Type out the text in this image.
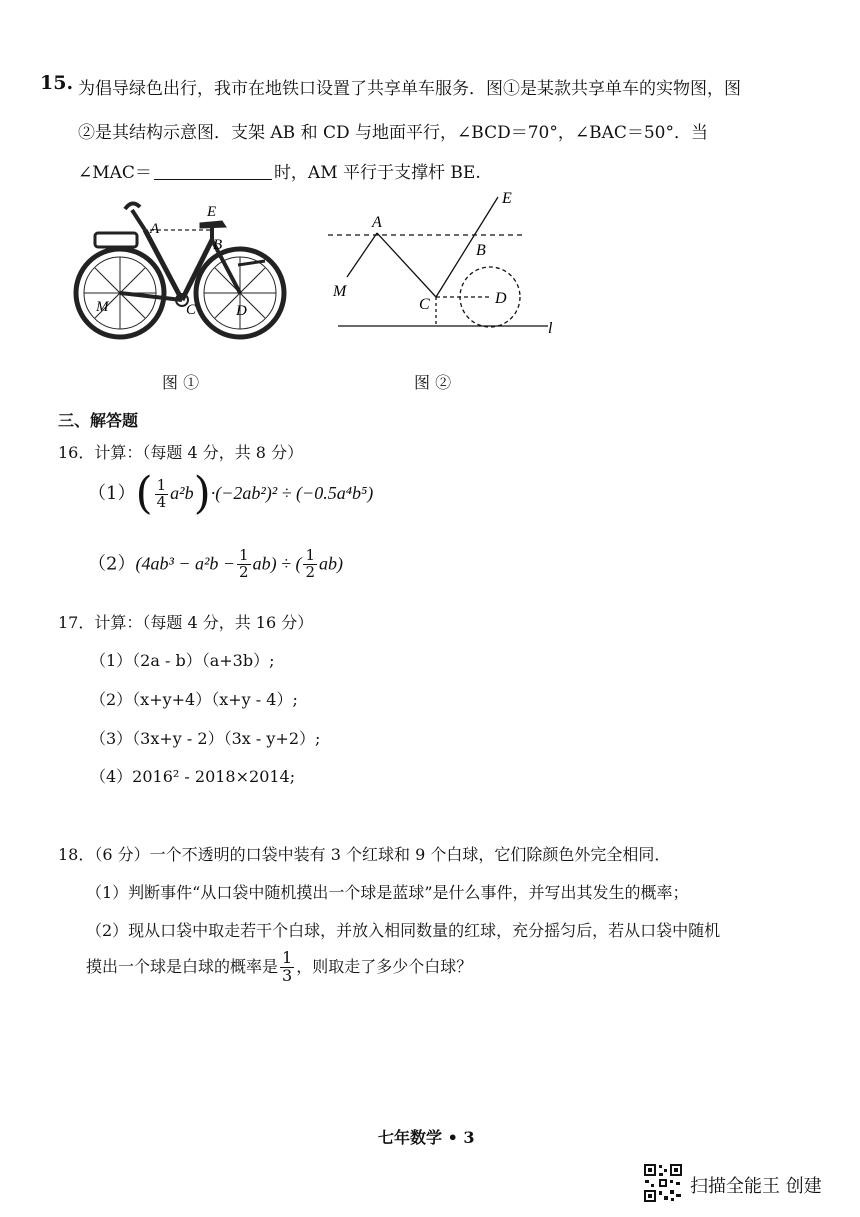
15. 为倡导绿色出行，我市在地铁口设置了共享单车服务．图①是某款共享单车的实物图，图
②是其结构示意图．支架 AB 和 CD 与地面平行，∠BCD＝70°，∠BAC＝50°．当
∠MAC＝	时，AM 平行于支撑杆 BE.
A
E
B
C
M	D
A
E
B
C
M	D
l
图 ①	图 ②
三、解答题
16．计算：（每题 4 分，共 8 分）
$(1)( \frac{1}{4} a^2b)\cdot(-2ab^2)^2 \div (-0.5a^4b^5)$
$(2)(4ab^3 - a^2b - \frac{1}{2} ab)$ ÷ ( $\frac{1}{2} ab$)
17．计算：（每题 4 分，共 16 分）
（1）（2a - b）（a+3b）;
（2）（x+y+4）（x+y - 4）;
（3）（3x+y - 2）（3x - y+2）;
（4）2016² - 2018×2014;
18．（6 分）一个不透明的口袋中装有 3 个红球和 9 个白球，它们除颜色外完全相同．
（1）判断事件“从口袋中随机摸出一个球是蓝球”是什么事件，并写出其发生的概率；
（2）现从口袋中取走若干个白球，并放入相同数量的红球，充分摇匀后，若从口袋中随机
摸出一个球是白球的概率是 $\frac{1}{3}$ ，则取走了多少个白球？
七年数学 • 3
扫描全能王 创建
